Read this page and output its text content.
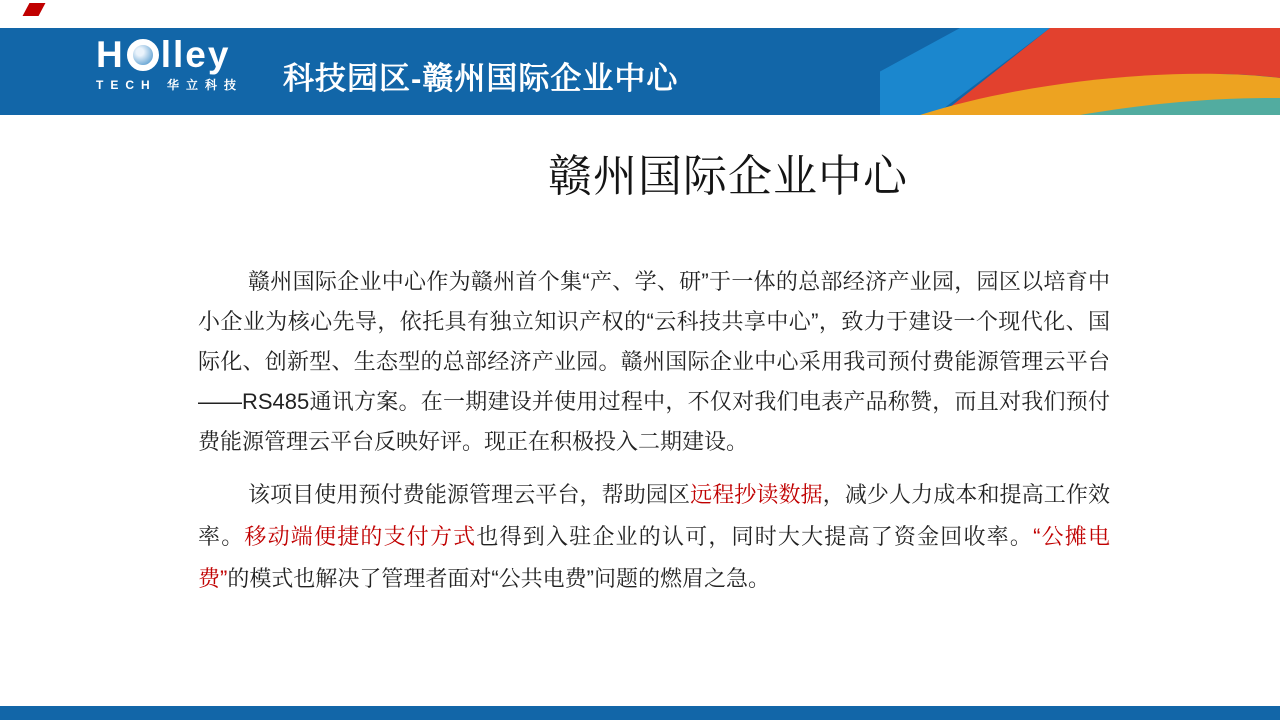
H lley
TECH 华立科技 科技园区-赣州国际企业中心
赣州国际企业中心

赣州国际企业中心作为赣州首个集“产、学、研”于一体的总部经济产业园，园区以培育中小企业为核心先导，依托具有独立知识产权的“云科技共享中心”，致力于建设一个现代化、国际化、创新型、生态型的总部经济产业园。赣州国际企业中心采用我司预付费能源管理云平台——RS485通讯方案。在一期建设并使用过程中，不仅对我们电表产品称赞，而且对我们预付费能源管理云平台反映好评。现正在积极投入二期建设。

该项目使用预付费能源管理云平台，帮助园区远程抄读数据，减少人力成本和提高工作效率。移动端便捷的支付方式也得到入驻企业的认可，同时大大提高了资金回收率。“公摊电费”的模式也解决了管理者面对“公共电费”问题的燃眉之急。
